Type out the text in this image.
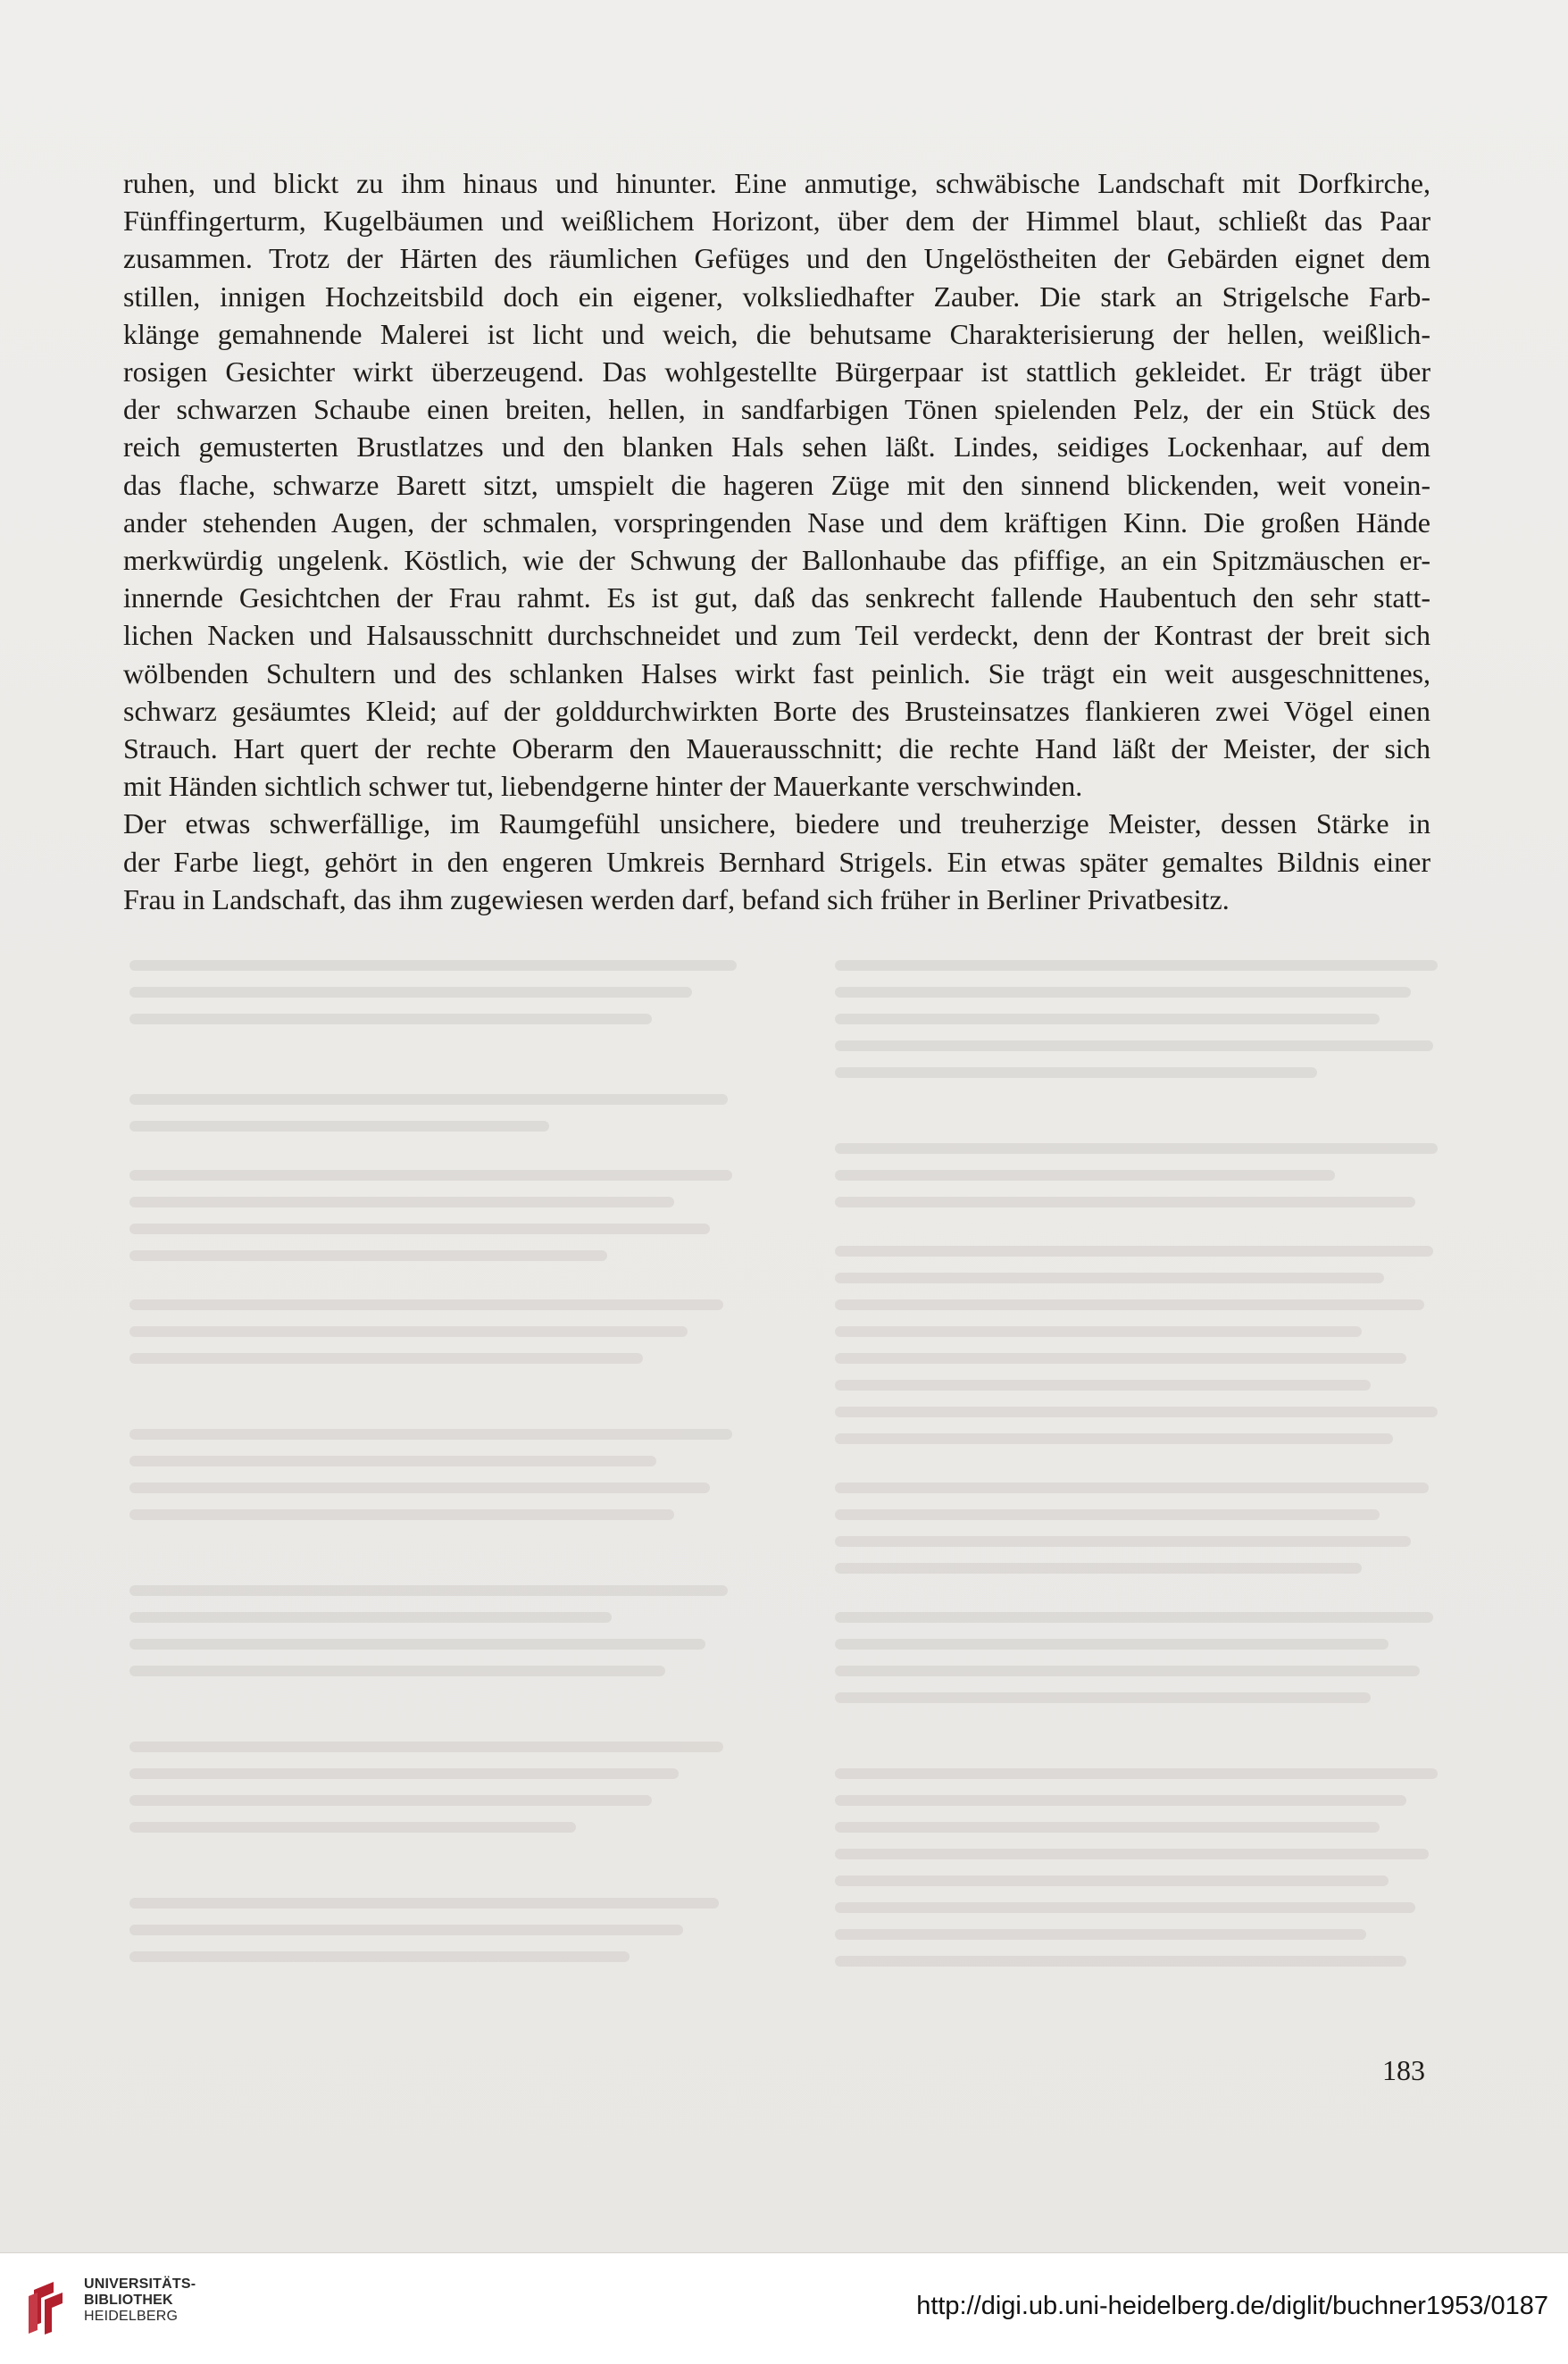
ruhen, und blickt zu ihm hinaus und hinunter. Eine anmutige, schwäbische Landschaft mit Dorfkirche,
Fünffingerturm, Kugelbäumen und weißlichem Horizont, über dem der Himmel blaut, schließt das Paar
zusammen. Trotz der Härten des räumlichen Gefüges und den Ungelöstheiten der Gebärden eignet dem
stillen, innigen Hochzeitsbild doch ein eigener, volksliedhafter Zauber. Die stark an Strigelsche Farb-
klänge gemahnende Malerei ist licht und weich, die behutsame Charakterisierung der hellen, weißlich-
rosigen Gesichter wirkt überzeugend. Das wohlgestellte Bürgerpaar ist stattlich gekleidet. Er trägt über
der schwarzen Schaube einen breiten, hellen, in sandfarbigen Tönen spielenden Pelz, der ein Stück des
reich gemusterten Brustlatzes und den blanken Hals sehen läßt. Lindes, seidiges Lockenhaar, auf dem
das flache, schwarze Barett sitzt, umspielt die hageren Züge mit den sinnend blickenden, weit vonein-
ander stehenden Augen, der schmalen, vorspringenden Nase und dem kräftigen Kinn. Die großen Hände
merkwürdig ungelenk. Köstlich, wie der Schwung der Ballonhaube das pfiffige, an ein Spitzmäuschen er-
innernde Gesichtchen der Frau rahmt. Es ist gut, daß das senkrecht fallende Haubentuch den sehr statt-
lichen Nacken und Halsausschnitt durchschneidet und zum Teil verdeckt, denn der Kontrast der breit sich
wölbenden Schultern und des schlanken Halses wirkt fast peinlich. Sie trägt ein weit ausgeschnittenes,
schwarz gesäumtes Kleid; auf der golddurchwirkten Borte des Brusteinsatzes flankieren zwei Vögel einen
Strauch. Hart quert der rechte Oberarm den Mauerausschnitt; die rechte Hand läßt der Meister, der sich
mit Händen sichtlich schwer tut, liebendgerne hinter der Mauerkante verschwinden.
Der etwas schwerfällige, im Raumgefühl unsichere, biedere und treuherzige Meister, dessen Stärke in
der Farbe liegt, gehört in den engeren Umkreis Bernhard Strigels. Ein etwas später gemaltes Bildnis einer
Frau in Landschaft, das ihm zugewiesen werden darf, befand sich früher in Berliner Privatbesitz.
183
UNIVERSITÄTS-
BIBLIOTHEK
HEIDELBERG	http://digi.ub.uni-heidelberg.de/diglit/buchner1953/0187
